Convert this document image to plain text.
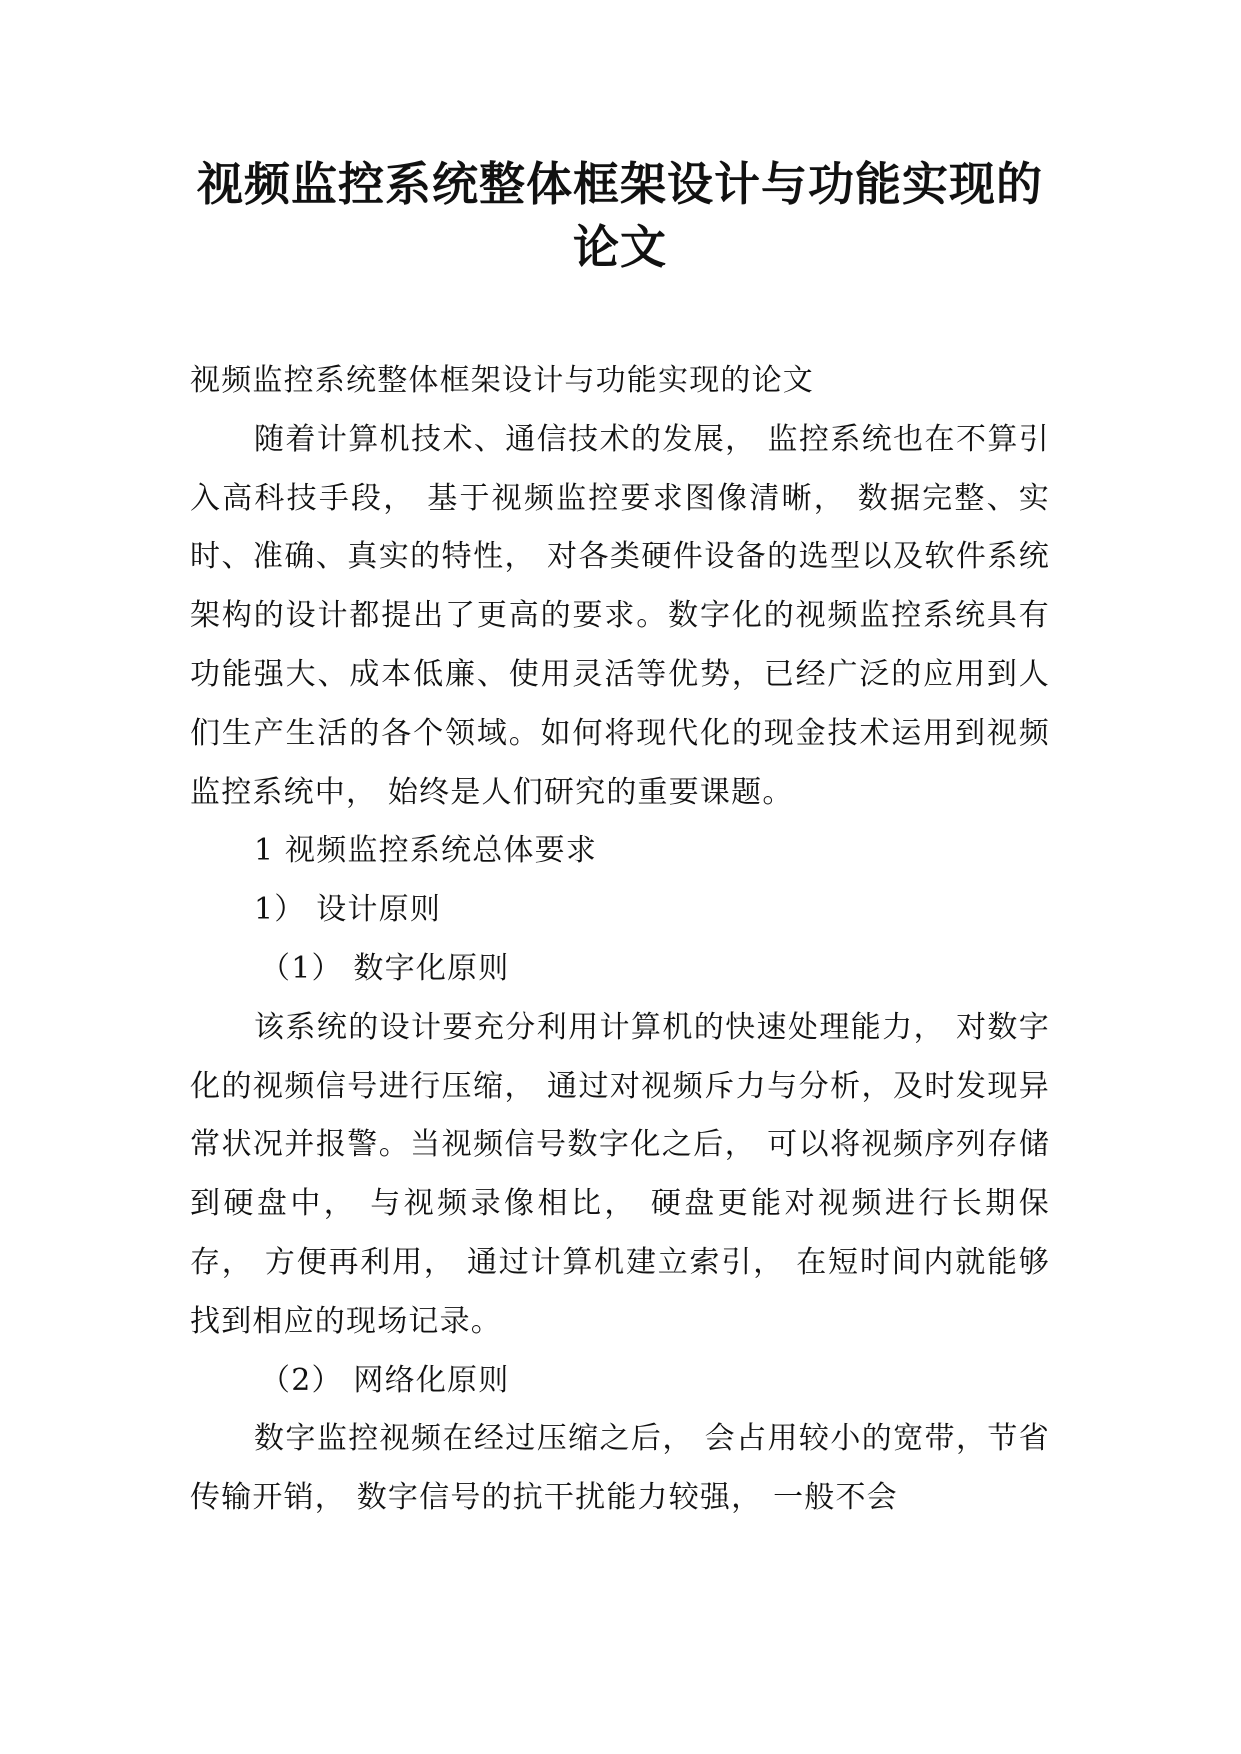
视频监控系统整体框架设计与功能实现的
论文

视频监控系统整体框架设计与功能实现的论文

随着计算机技术、通信技术的发展， 监控系统也在不算引入高科技手段， 基于视频监控要求图像清晰， 数据完整、实时、准确、真实的特性， 对各类硬件设备的选型以及软件系统架构的设计都提出了更高的要求。数字化的视频监控系统具有功能强大、成本低廉、使用灵活等优势，已经广泛的应用到人们生产生活的各个领域。如何将现代化的现金技术运用到视频监控系统中， 始终是人们研究的重要课题。

1 视频监控系统总体要求

1） 设计原则

（1） 数字化原则

该系统的设计要充分利用计算机的快速处理能力， 对数字化的视频信号进行压缩， 通过对视频斥力与分析，及时发现异常状况并报警。当视频信号数字化之后， 可以将视频序列存储到硬盘中， 与视频录像相比， 硬盘更能对视频进行长期保存， 方便再利用， 通过计算机建立索引， 在短时间内就能够找到相应的现场记录。

（2） 网络化原则

数字监控视频在经过压缩之后， 会占用较小的宽带，节省传输开销， 数字信号的抗干扰能力较强， 一般不会
